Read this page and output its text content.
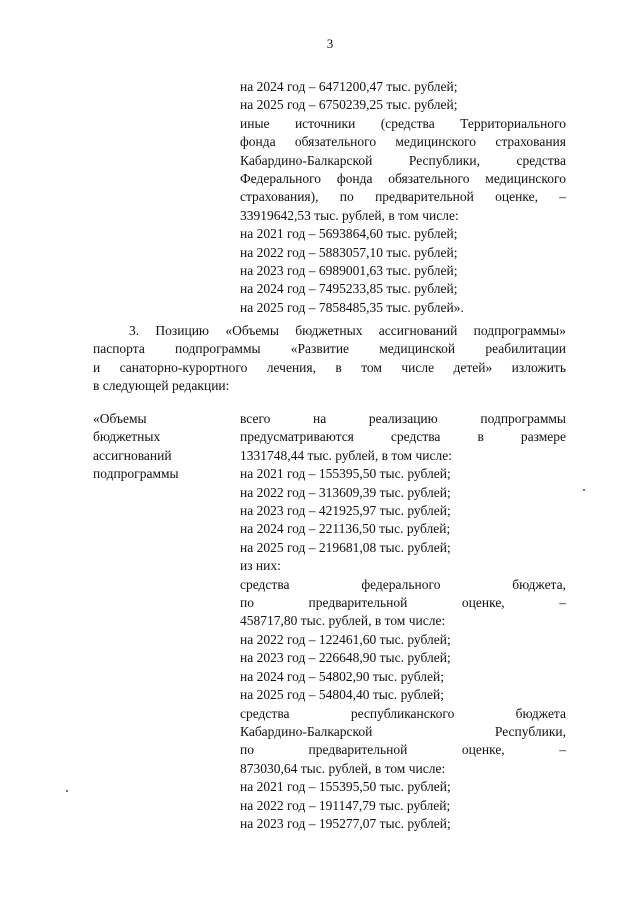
3
на 2024 год – 6471200,47 тыс. рублей;
на 2025 год – 6750239,25 тыс. рублей;
иные источники (средства Территориального
фонда обязательного медицинского страхования
Кабардино-Балкарской Республики, средства
Федерального фонда обязательного медицинского
страхования), по предварительной оценке, –
33919642,53 тыс. рублей, в том числе:
на 2021 год – 5693864,60 тыс. рублей;
на 2022 год – 5883057,10 тыс. рублей;
на 2023 год – 6989001,63 тыс. рублей;
на 2024 год – 7495233,85 тыс. рублей;
на 2025 год – 7858485,35 тыс. рублей».
3. Позицию «Объемы бюджетных ассигнований подпрограммы»
паспорта подпрограммы «Развитие медицинской реабилитации
и санаторно-курортного лечения, в том числе детей» изложить
в следующей редакции:
«Объемы
бюджетных
ассигнований
подпрограммы
всего на реализацию подпрограммы
предусматриваются средства в размере
1331748,44 тыс. рублей, в том числе:
на 2021 год – 155395,50 тыс. рублей;
на 2022 год – 313609,39 тыс. рублей;
на 2023 год – 421925,97 тыс. рублей;
на 2024 год – 221136,50 тыс. рублей;
на 2025 год – 219681,08 тыс. рублей;
из них:
средства федерального бюджета,
по предварительной оценке, –
458717,80 тыс. рублей, в том числе:
на 2022 год – 122461,60 тыс. рублей;
на 2023 год – 226648,90 тыс. рублей;
на 2024 год – 54802,90 тыс. рублей;
на 2025 год – 54804,40 тыс. рублей;
средства республиканского бюджета
Кабардино-Балкарской Республики,
по предварительной оценке, –
873030,64 тыс. рублей, в том числе:
на 2021 год – 155395,50 тыс. рублей;
на 2022 год – 191147,79 тыс. рублей;
на 2023 год – 195277,07 тыс. рублей;
